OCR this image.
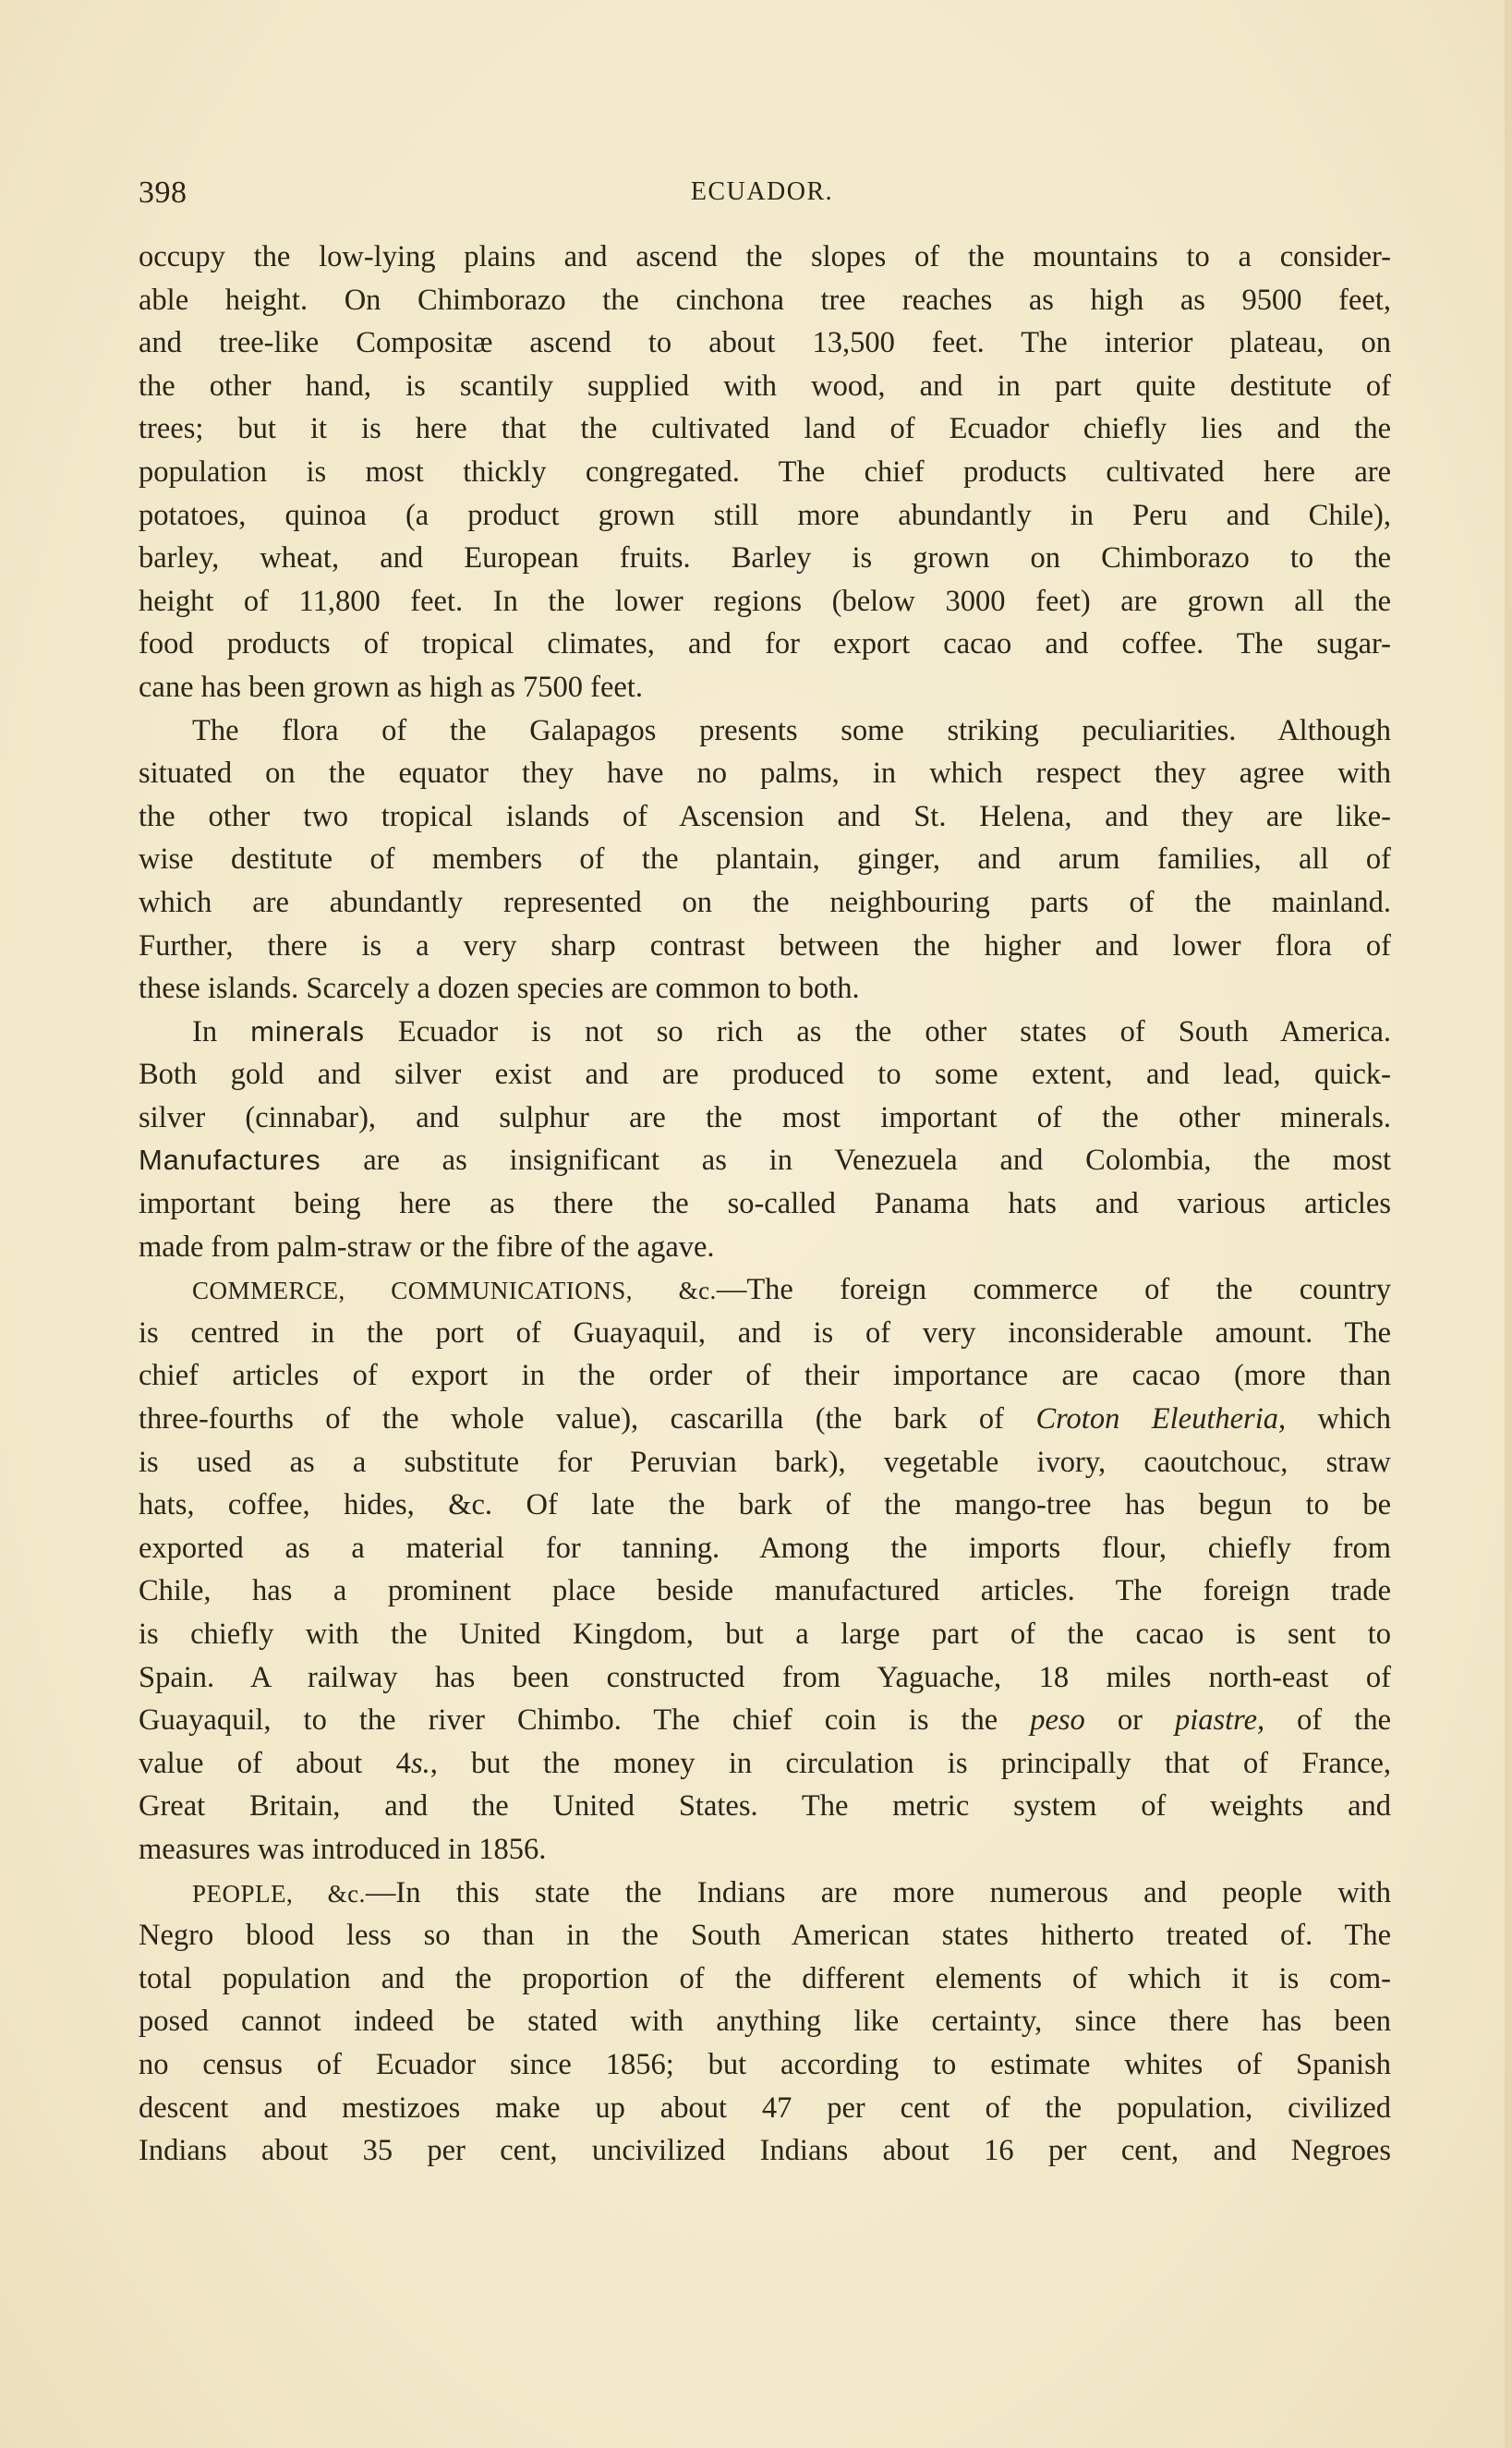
398	ECUADOR.
occupy the low-lying plains and ascend the slopes of the mountains to a consider-
able height. On Chimborazo the cinchona tree reaches as high as 9500 feet,
and tree-like Compositæ ascend to about 13,500 feet. The interior plateau, on
the other hand, is scantily supplied with wood, and in part quite destitute of
trees; but it is here that the cultivated land of Ecuador chiefly lies and the
population is most thickly congregated. The chief products cultivated here are
potatoes, quinoa (a product grown still more abundantly in Peru and Chile),
barley, wheat, and European fruits. Barley is grown on Chimborazo to the
height of 11,800 feet. In the lower regions (below 3000 feet) are grown all the
food products of tropical climates, and for export cacao and coffee. The sugar-
cane has been grown as high as 7500 feet.
The flora of the Galapagos presents some striking peculiarities. Although
situated on the equator they have no palms, in which respect they agree with
the other two tropical islands of Ascension and St. Helena, and they are like-
wise destitute of members of the plantain, ginger, and arum families, all of
which are abundantly represented on the neighbouring parts of the mainland.
Further, there is a very sharp contrast between the higher and lower flora of
these islands. Scarcely a dozen species are common to both.
In minerals Ecuador is not so rich as the other states of South America.
Both gold and silver exist and are produced to some extent, and lead, quick-
silver (cinnabar), and sulphur are the most important of the other minerals.
Manufactures are as insignificant as in Venezuela and Colombia, the most
important being here as there the so-called Panama hats and various articles
made from palm-straw or the fibre of the agave.
COMMERCE, COMMUNICATIONS, &c.—The foreign commerce of the country
is centred in the port of Guayaquil, and is of very inconsiderable amount. The
chief articles of export in the order of their importance are cacao (more than
three-fourths of the whole value), cascarilla (the bark of Croton Eleutheria, which
is used as a substitute for Peruvian bark), vegetable ivory, caoutchouc, straw
hats, coffee, hides, &c. Of late the bark of the mango-tree has begun to be
exported as a material for tanning. Among the imports flour, chiefly from
Chile, has a prominent place beside manufactured articles. The foreign trade
is chiefly with the United Kingdom, but a large part of the cacao is sent to
Spain. A railway has been constructed from Yaguache, 18 miles north-east of
Guayaquil, to the river Chimbo. The chief coin is the peso or piastre, of the
value of about 4s., but the money in circulation is principally that of France,
Great Britain, and the United States. The metric system of weights and
measures was introduced in 1856.
PEOPLE, &c.—In this state the Indians are more numerous and people with
Negro blood less so than in the South American states hitherto treated of. The
total population and the proportion of the different elements of which it is com-
posed cannot indeed be stated with anything like certainty, since there has been
no census of Ecuador since 1856; but according to estimate whites of Spanish
descent and mestizoes make up about 47 per cent of the population, civilized
Indians about 35 per cent, uncivilized Indians about 16 per cent, and Negroes
